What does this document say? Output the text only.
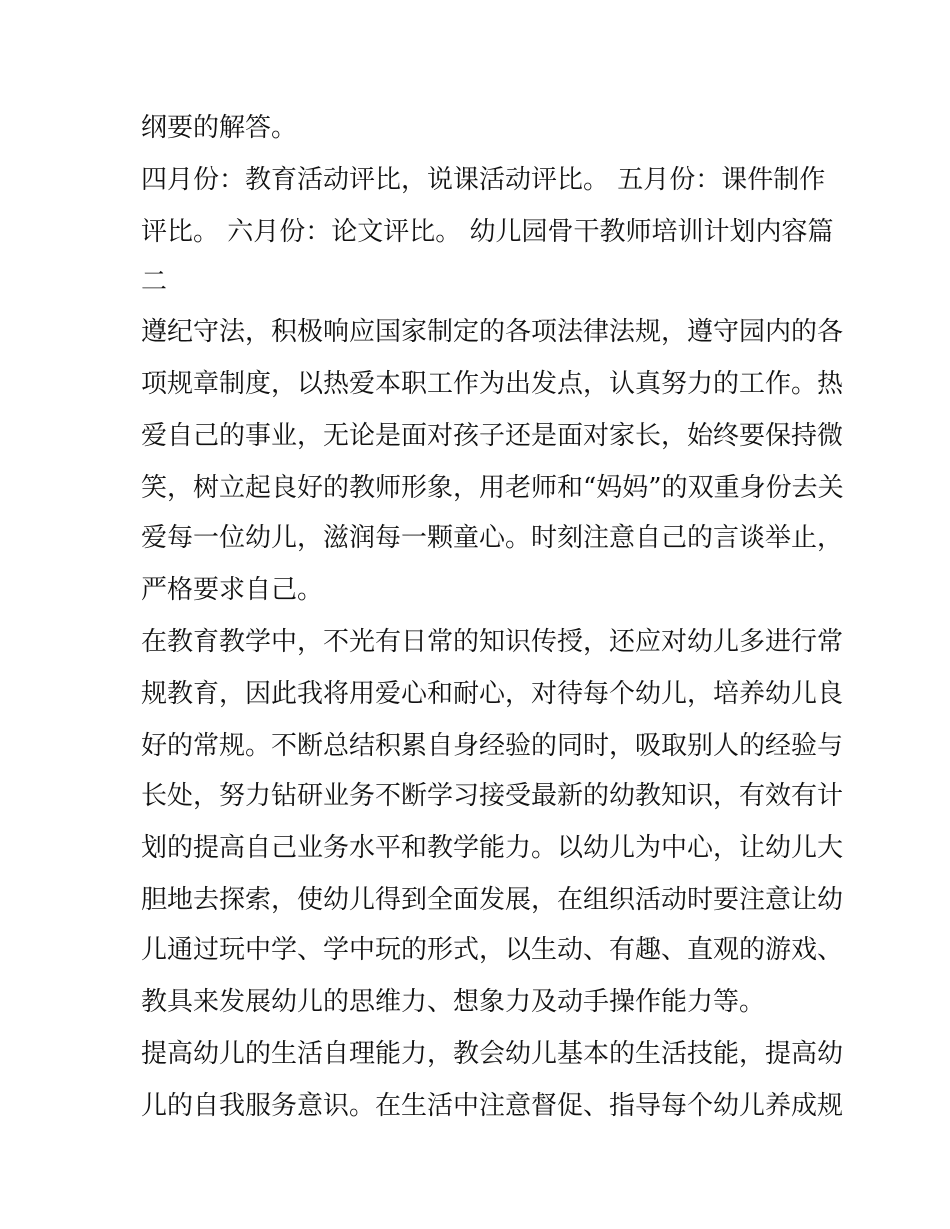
纲要的解答。

四月份：教育活动评比，说课活动评比。 五月份：课件制作

评比。 六月份：论文评比。 幼儿园骨干教师培训计划内容篇

二

遵纪守法，积极响应国家制定的各项法律法规，遵守园内的各

项规章制度，以热爱本职工作为出发点，认真努力的工作。热

爱自己的事业，无论是面对孩子还是面对家长，始终要保持微

笑，树立起良好的教师形象，用老师和“妈妈”的双重身份去关

爱每一位幼儿，滋润每一颗童心。时刻注意自己的言谈举止，

严格要求自己。

在教育教学中，不光有日常的知识传授，还应对幼儿多进行常

规教育，因此我将用爱心和耐心，对待每个幼儿，培养幼儿良

好的常规。不断总结积累自身经验的同时，吸取别人的经验与

长处，努力钻研业务不断学习接受最新的幼教知识，有效有计

划的提高自己业务水平和教学能力。以幼儿为中心，让幼儿大

胆地去探索，使幼儿得到全面发展，在组织活动时要注意让幼

儿通过玩中学、学中玩的形式，以生动、有趣、直观的游戏、

教具来发展幼儿的思维力、想象力及动手操作能力等。

提高幼儿的生活自理能力，教会幼儿基本的生活技能，提高幼

儿的自我服务意识。在生活中注意督促、指导每个幼儿养成规
